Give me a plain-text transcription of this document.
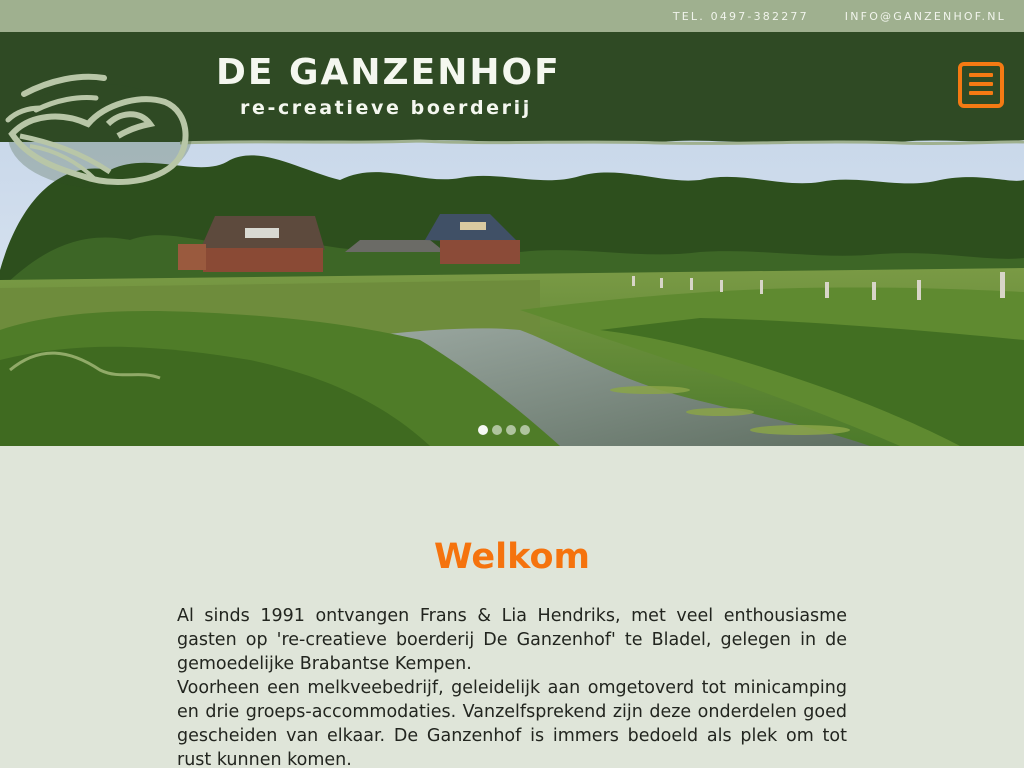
TEL. 0497-382277	INFO@GANZENHOF.NL
DE GANZENHOF
re-creatieve boerderij
Welkom

Al sinds 1991 ontvangen Frans & Lia Hendriks, met veel enthousiasme gasten op 're-creatieve boerderij De Ganzenhof' te Bladel, gelegen in de gemoedelijke Brabantse Kempen.

Voorheen een melkveebedrijf, geleidelijk aan omgetoverd tot minicamping en drie groeps-accommodaties. Vanzelfsprekend zijn deze onderdelen goed gescheiden van elkaar. De Ganzenhof is immers bedoeld als plek om tot rust kunnen komen.
